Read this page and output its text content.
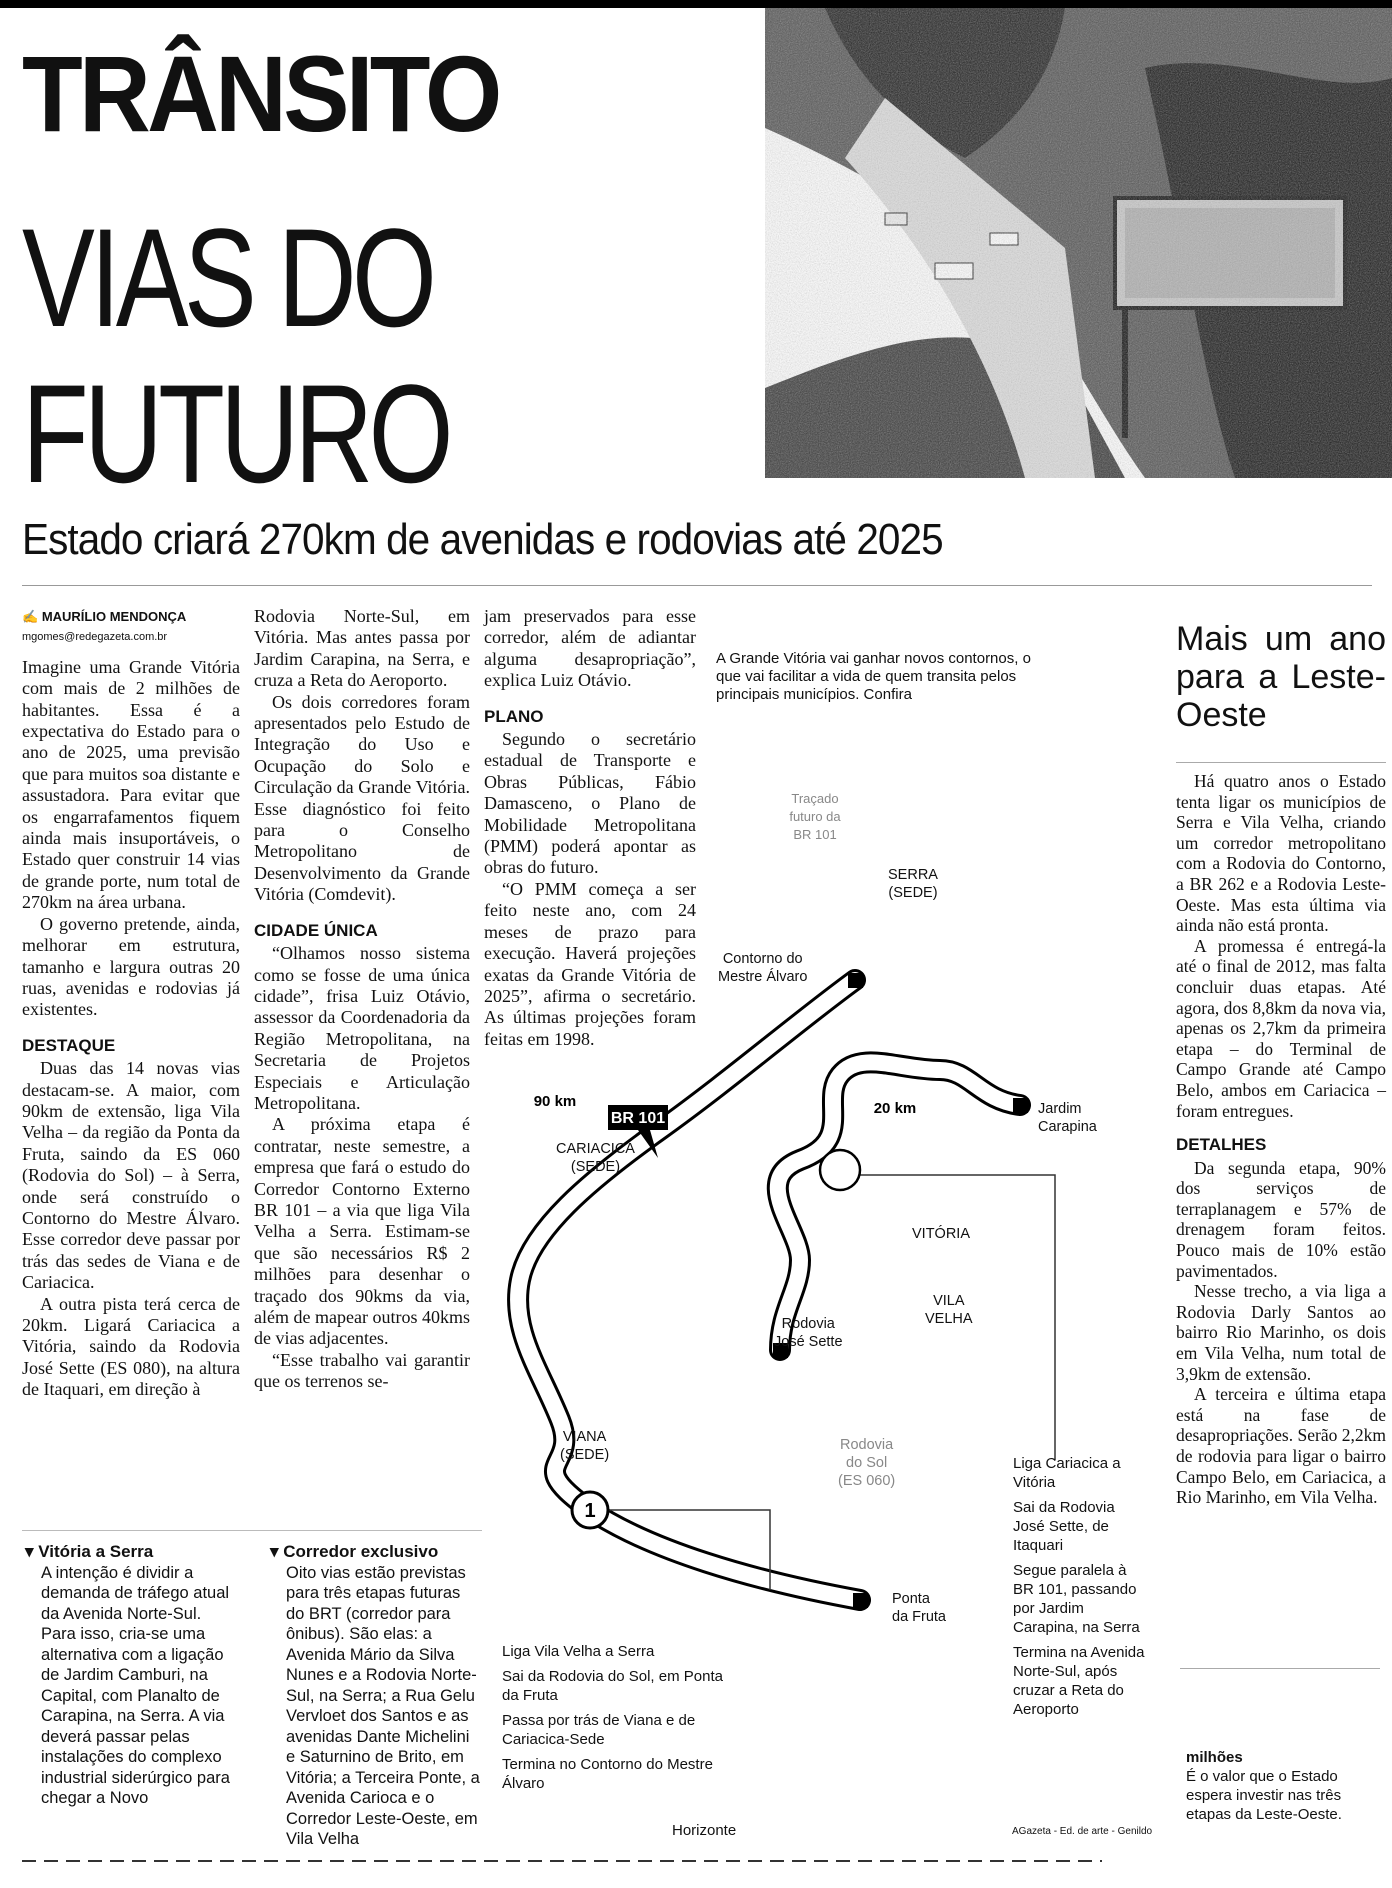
TRÂNSITO
VIAS DO
FUTURO
Estado criará 270km de avenidas e rodovias até 2025
✍ MAURÍLIO MENDONÇA
mgomes@redegazeta.com.br

Imagine uma Grande Vitória com mais de 2 milhões de habitantes. Essa é a expectativa do Estado para o ano de 2025, uma previsão que para muitos soa distante e assustadora. Para evitar que os engarrafamentos fiquem ainda mais insuportáveis, o Estado quer construir 14 vias de grande porte, num total de 270km na área urbana.

O governo pretende, ainda, melhorar em estrutura, tamanho e largura outras 20 ruas, avenidas e rodovias já existentes.

DESTAQUE

Duas das 14 novas vias destacam-se. A maior, com 90km de extensão, liga Vila Velha – da região da Ponta da Fruta, saindo da ES 060 (Rodovia do Sol) – à Serra, onde será construído o Contorno do Mestre Álvaro. Esse corredor deve passar por trás das sedes de Viana e de Cariacica.

A outra pista terá cerca de 20km. Ligará Cariacica a Vitória, saindo da Rodovia José Sette (ES 080), na altura de Itaquari, em direção à

Rodovia Norte-Sul, em Vitória. Mas antes passa por Jardim Carapina, na Serra, e cruza a Reta do Aeroporto.

Os dois corredores foram apresentados pelo Estudo de Integração do Uso e Ocupação do Solo e Circulação da Grande Vitória. Esse diagnóstico foi feito para o Conselho Metropolitano de Desenvolvimento da Grande Vitória (Comdevit).

CIDADE ÚNICA

“Olhamos nosso sistema como se fosse de uma única cidade”, frisa Luiz Otávio, assessor da Coordenadoria da Região Metropolitana, na Secretaria de Projetos Especiais e Articulação Metropolitana.

A próxima etapa é contratar, neste semestre, a empresa que fará o estudo do Corredor Contorno Externo BR 101 – a via que liga Vila Velha a Serra. Estimam-se que são necessários R$ 2 milhões para desenhar o traçado dos 90kms da via, além de mapear outros 40kms de vias adjacentes.

“Esse trabalho vai garantir que os terrenos se-

jam preservados para esse corredor, além de adiantar alguma desapropriação”, explica Luiz Otávio.

PLANO

Segundo o secretário estadual de Transporte e Obras Públicas, Fábio Damasceno, o Plano de Mobilidade Metropolitana (PMM) poderá apontar as obras do futuro.

“O PMM começa a ser feito neste ano, com 24 meses de prazo para execução. Haverá projeções exatas da Grande Vitória de 2025”, afirma o secretário. As últimas projeções foram feitas em 1998.

A Grande Vitória vai ganhar novos contornos, o que vai facilitar a vida de quem transita pelos principais municípios. Confira
1
BR 101
90 km	20 km
Traçado
futuro da
BR 101
SERRA
(SEDE)
Contorno do
Mestre Álvaro
Jardim
Carapina
CARIACICA
(SEDE)
VITÓRIA
VILA
VELHA
Rodovia
José Sette
VIANA
(SEDE)
Rodovia
do Sol
(ES 060)
Ponta
da Fruta
Liga Vila Velha a Serra
Sai da Rodovia do Sol, em Ponta da Fruta
Passa por trás de Viana e de Cariacica-Sede
Termina no Contorno do Mestre Álvaro
Liga Cariacica a Vitória
Sai da Rodovia José Sette, de Itaquari
Segue paralela à BR 101, passando por Jardim Carapina, na Serra
Termina na Avenida Norte-Sul, após cruzar a Reta do Aeroporto
▾ Vitória a Serra
A intenção é dividir a demanda de tráfego atual da Avenida Norte-Sul. Para isso, cria-se uma alternativa com a ligação de Jardim Camburi, na Capital, com Planalto de Carapina, na Serra. A via deverá passar pelas instalações do complexo industrial siderúrgico para chegar a Novo
▾ Corredor exclusivo
Oito vias estão previstas para três etapas futuras do BRT (corredor para ônibus). São elas: a Avenida Mário da Silva Nunes e a Rodovia Norte-Sul, na Serra; a Rua Gelu Vervloet dos Santos e as avenidas Dante Michelini e Saturnino de Brito, em Vitória; a Terceira Ponte, a Avenida Carioca e o Corredor Leste-Oeste, em Vila Velha	Horizonte	AGazeta - Ed. de arte - Genildo
Mais um ano para a Leste-Oeste

Há quatro anos o Estado tenta ligar os municípios de Serra e Vila Velha, criando um corredor metropolitano com a Rodovia do Contorno, a BR 262 e a Rodovia Leste-Oeste. Mas esta última via ainda não está pronta.

A promessa é entregá-la até o final de 2012, mas falta concluir duas etapas. Até agora, dos 8,8km da nova via, apenas os 2,7km da primeira etapa – do Terminal de Campo Grande até Campo Belo, ambos em Cariacica – foram entregues.

DETALHES

Da segunda etapa, 90% dos serviços de terraplanagem e 57% de drenagem foram feitos. Pouco mais de 10% estão pavimentados.

Nesse trecho, a via liga a Rodovia Darly Santos ao bairro Rio Marinho, os dois em Vila Velha, num total de 3,9km de extensão.

A terceira e última etapa está na fase de desapropriações. Serão 2,2km de rodovia para ligar o bairro Campo Belo, em Cariacica, a Rio Marinho, em Vila Velha.

milhões
É o valor que o Estado espera investir nas três etapas da Leste-Oeste.
